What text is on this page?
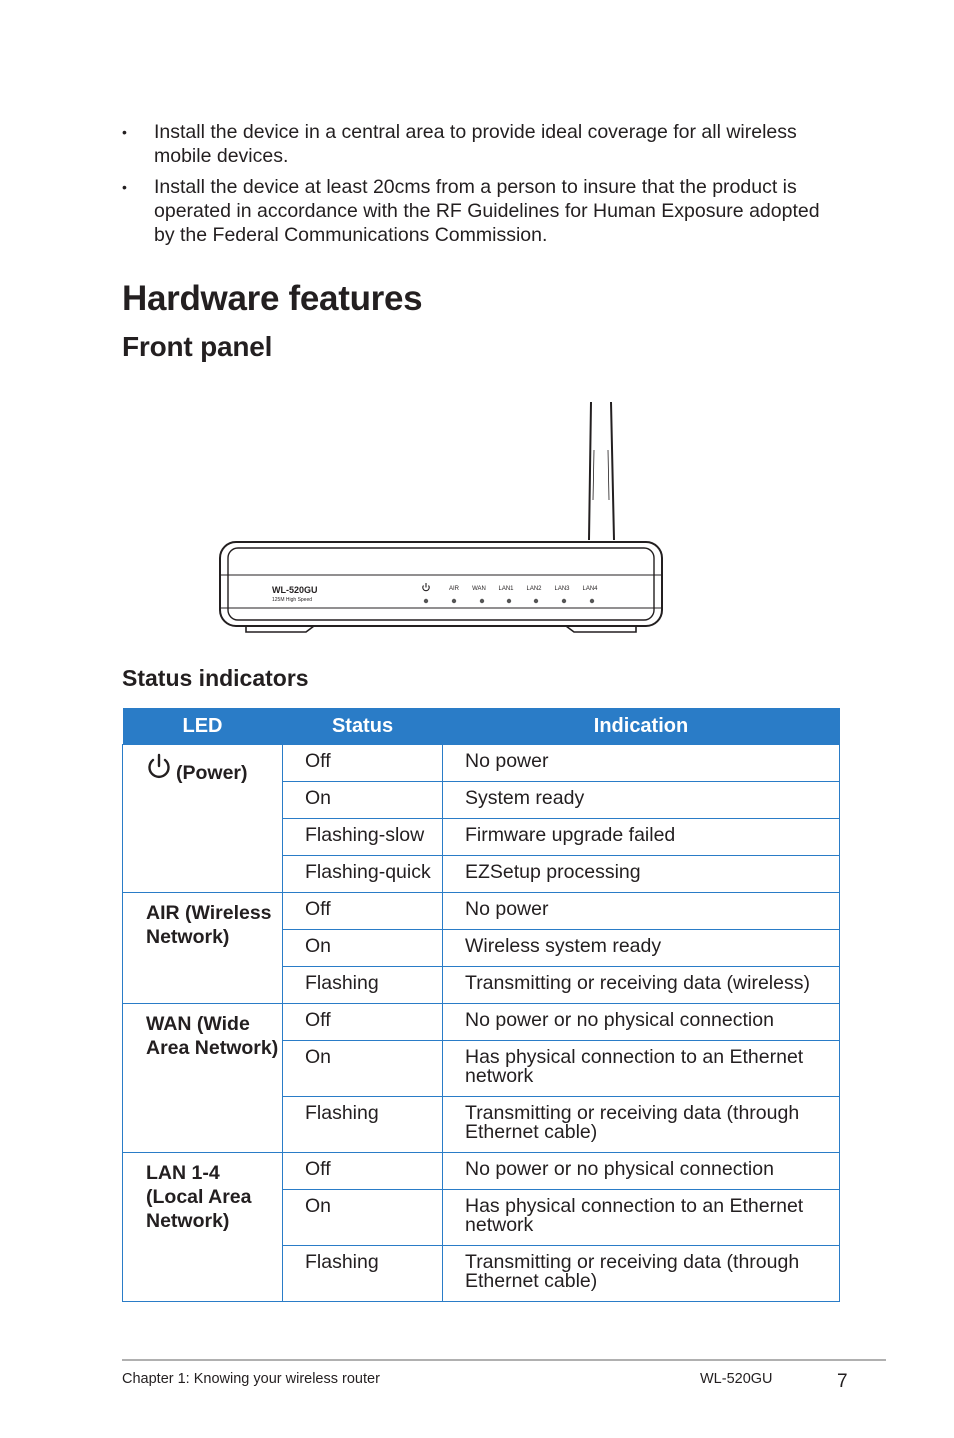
• Install the device in a central area to provide ideal coverage for all wireless mobile devices.
• Install the device at least 20cms from a person to insure that the product is operated in accordance with the RF Guidelines for Human Exposure adopted by the Federal Communications Commission.
Hardware features
Front panel
WL-520GU
125M High Speed
AIR WAN LAN1 LAN2 LAN3 LAN4
Status indicators
LED	Status	Indication
(Power)	Off	No power
	On	System ready
	Flashing-slow	Firmware upgrade failed
	Flashing-quick	EZSetup processing
AIR (Wireless Network)	Off	No power
	On	Wireless system ready
	Flashing	Transmitting or receiving data (wireless)
WAN (Wide Area Network)	Off	No power or no physical connection
	On	Has physical connection to an Ethernet network
	Flashing	Transmitting or receiving data (through Ethernet cable)
LAN 1-4 (Local Area Network)	Off	No power or no physical connection
	On	Has physical connection to an Ethernet network
	Flashing	Transmitting or receiving data (through Ethernet cable)
Chapter 1: Knowing your wireless router	WL-520GU	7
